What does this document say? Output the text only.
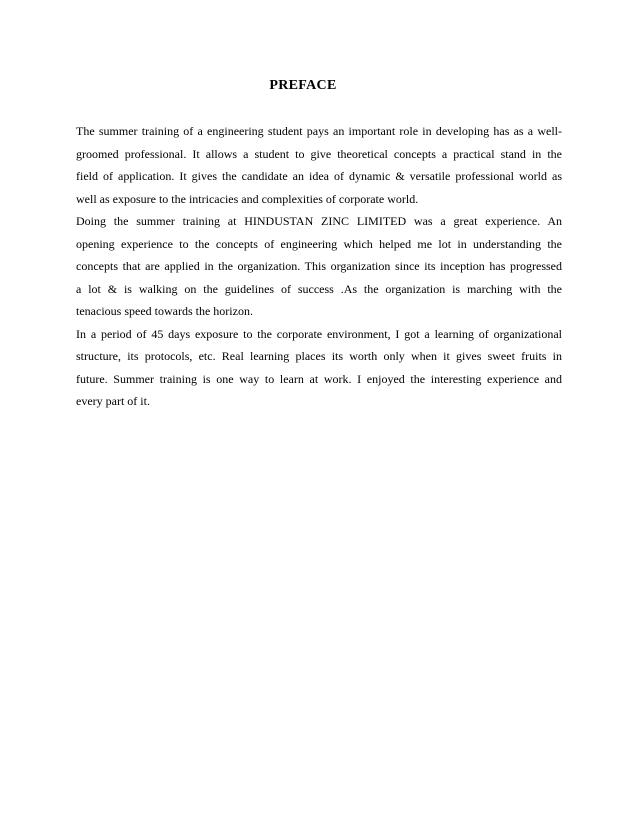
PREFACE
The summer training of a engineering student pays an important role in developing has as a well-
groomed professional. It allows a student to give theoretical concepts a practical stand in the
field of application. It gives the candidate an idea of dynamic & versatile professional world as
well as exposure to the intricacies and complexities of corporate world.
Doing the summer training at HINDUSTAN ZINC LIMITED was a great experience. An
opening experience to the concepts of engineering which helped me lot in understanding the
concepts that are applied in the organization. This organization since its inception has progressed
a lot & is walking on the guidelines of success .As the organization is marching with the
tenacious speed towards the horizon.
In a period of 45 days exposure to the corporate environment, I got a learning of organizational
structure, its protocols, etc. Real learning places its worth only when it gives sweet fruits in
future. Summer training is one way to learn at work. I enjoyed the interesting experience and
every part of it.
